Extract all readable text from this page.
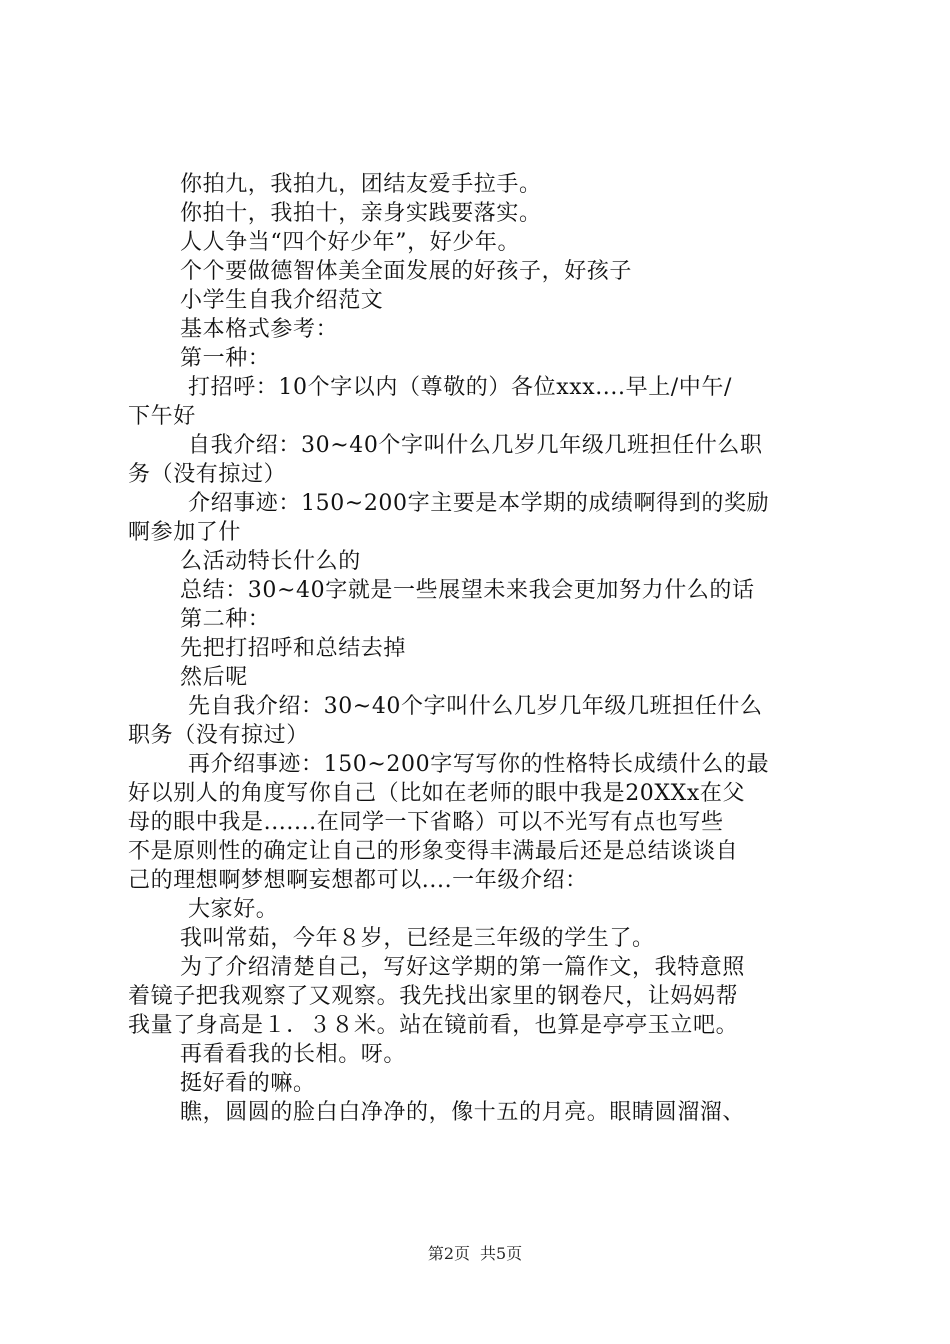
你拍九，我拍九，团结友爱手拉手。
你拍十，我拍十，亲身实践要落实。
人人争当“四个好少年”，好少年。
个个要做德智体美全面发展的好孩子，好孩子
小学生自我介绍范文
基本格式参考：
第一种：
打招呼：10个字以内（尊敬的）各位xxx....早上/中午/
下午好
自我介绍：30~40个字叫什么几岁几年级几班担任什么职
务（没有掠过）
介绍事迹：150~200字主要是本学期的成绩啊得到的奖励
啊参加了什
么活动特长什么的
总结：30~40字就是一些展望未来我会更加努力什么的话
第二种：
先把打招呼和总结去掉
然后呢
先自我介绍：30~40个字叫什么几岁几年级几班担任什么
职务（没有掠过）
再介绍事迹：150~200字写写你的性格特长成绩什么的最
好以别人的角度写你自己（比如在老师的眼中我是20XXx在父
母的眼中我是.......在同学一下省略）可以不光写有点也写些
不是原则性的确定让自己的形象变得丰满最后还是总结谈谈自
己的理想啊梦想啊妄想都可以....一年级介绍：
大家好。
我叫常茹，今年８岁，已经是三年级的学生了。
为了介绍清楚自己，写好这学期的第一篇作文，我特意照
着镜子把我观察了又观察。我先找出家里的钢卷尺，让妈妈帮
我量了身高是１．３８米。站在镜前看，也算是亭亭玉立吧。
再看看我的长相。呀。
挺好看的嘛。
瞧，圆圆的脸白白净净的，像十五的月亮。眼睛圆溜溜、
第2页 共5页
